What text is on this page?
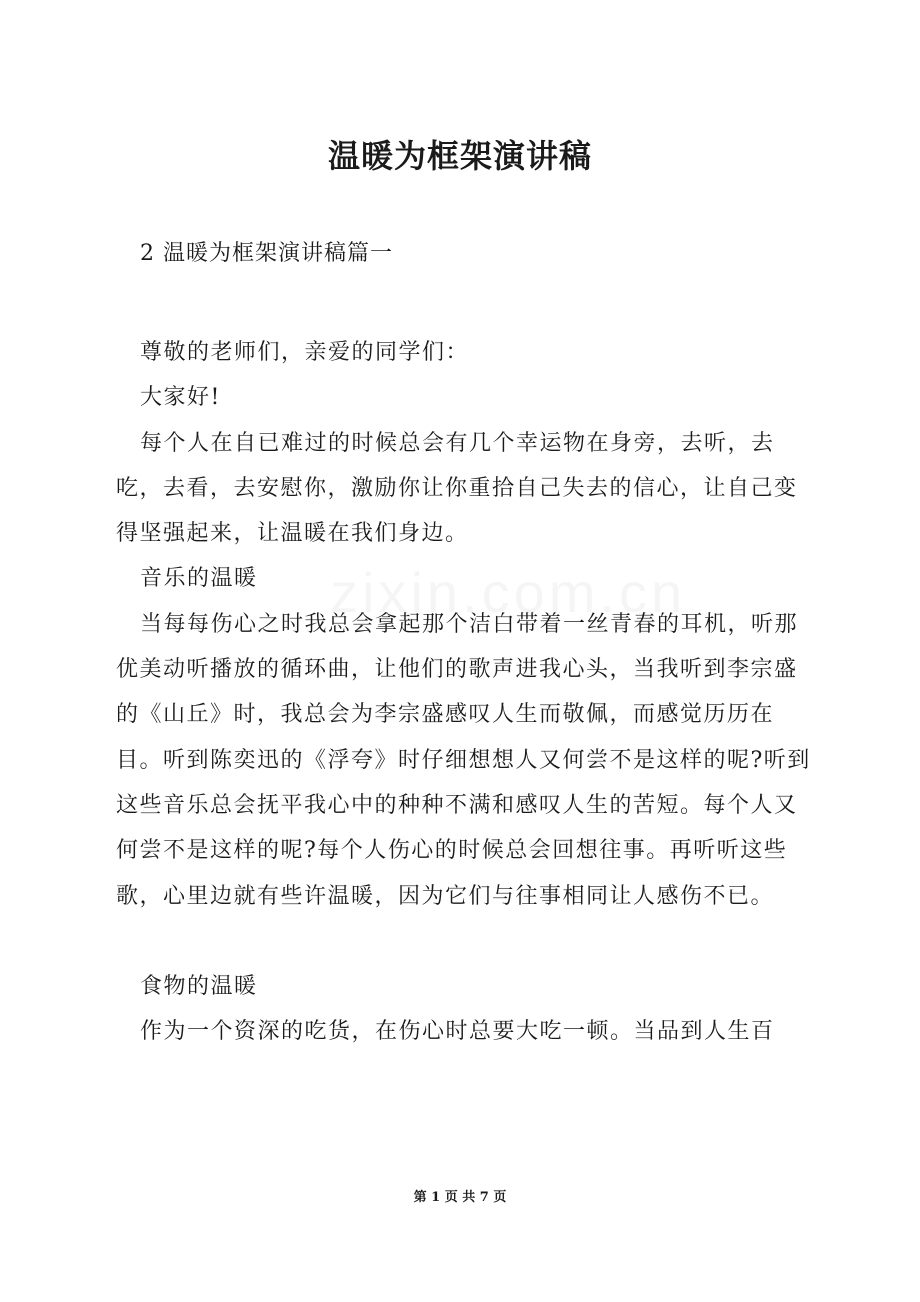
温暖为框架演讲稿
2 温暖为框架演讲稿篇一

尊敬的老师们，亲爱的同学们：

大家好!

每个人在自已难过的时候总会有几个幸运物在身旁，去听，去吃，去看，去安慰你，激励你让你重拾自己失去的信心，让自己变得坚强起来，让温暖在我们身边。

音乐的温暖

当每每伤心之时我总会拿起那个洁白带着一丝青春的耳机，听那优美动听播放的循环曲，让他们的歌声进我心头，当我听到李宗盛的《山丘》时，我总会为李宗盛感叹人生而敬佩，而感觉历历在目。听到陈奕迅的《浮夸》时仔细想想人又何尝不是这样的呢?听到这些音乐总会抚平我心中的种种不满和感叹人生的苦短。每个人又何尝不是这样的呢?每个人伤心的时候总会回想往事。再听听这些歌，心里边就有些许温暖，因为它们与往事相同让人感伤不已。

食物的温暖

作为一个资深的吃货，在伤心时总要大吃一顿。当品到人生百

第 1 页 共 7 页
